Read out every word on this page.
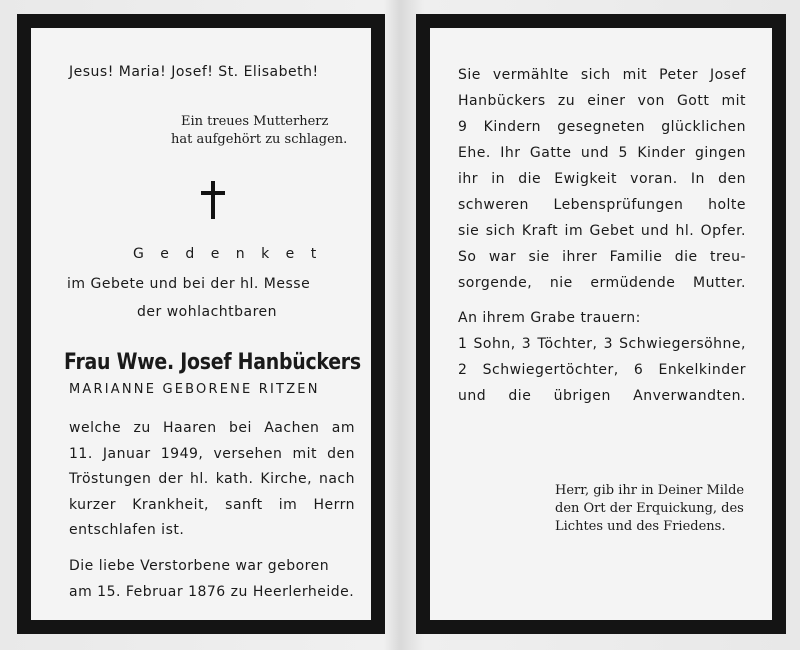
Jesus! Maria! Josef! St. Elisabeth!

Ein treues Mutterherz

hat aufgehört zu schlagen.

G e d e n k e t

im Gebete und bei der hl. Messe

der wohlachtbaren

Frau Wwe. Josef Hanbückers

MARIANNE GEBORENE RITZEN

welche zu Haaren bei Aachen am

11. Januar 1949, versehen mit den

Tröstungen der hl. kath. Kirche, nach

kurzer Krankheit, sanft im Herrn

entschlafen ist.

Die liebe Verstorbene war geboren

am 15. Februar 1876 zu Heerlerheide.

Sie vermählte sich mit Peter Josef

Hanbückers zu einer von Gott mit

9 Kindern gesegneten glücklichen

Ehe. Ihr Gatte und 5 Kinder gingen

ihr in die Ewigkeit voran. In den

schweren Lebensprüfungen holte

sie sich Kraft im Gebet und hl. Opfer.

So war sie ihrer Familie die treu-

sorgende, nie ermüdende Mutter.

An ihrem Grabe trauern:

1 Sohn, 3 Töchter, 3 Schwiegersöhne,

2 Schwiegertöchter, 6 Enkelkinder

und die übrigen Anverwandten.

Herr, gib ihr in Deiner Milde

den Ort der Erquickung, des

Lichtes und des Friedens.
